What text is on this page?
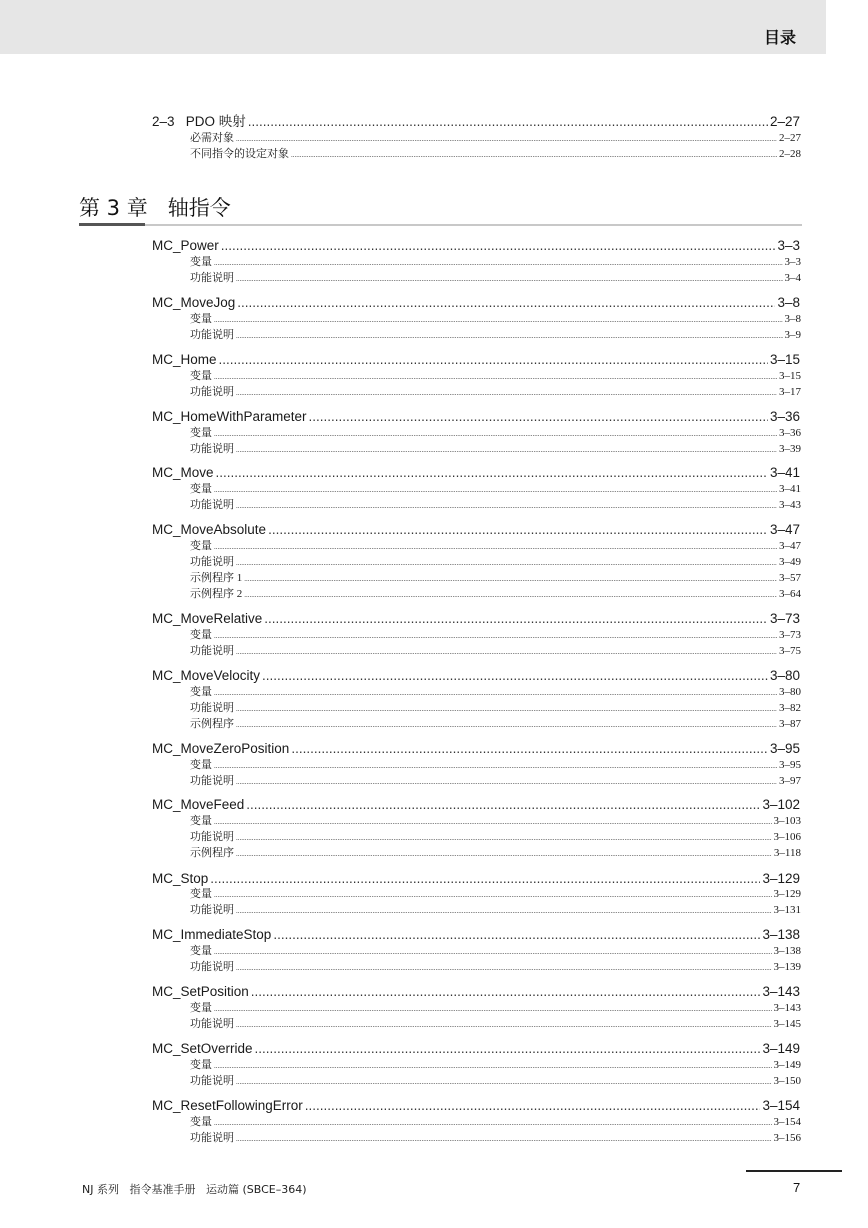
目录
2–3   PDO 映射 .....	2–27
必需对象 .....	2–27
不同指令的设定对象 .....	2–28
第 3 章   轴指令
MC_Power .....	3–3
变量 .....	3–3
功能说明 .....	3–4
MC_MoveJog .....	3–8
变量 .....	3–8
功能说明 .....	3–9
MC_Home .....	3–15
变量 .....	3–15
功能说明 .....	3–17
MC_HomeWithParameter .....	3–36
变量 .....	3–36
功能说明 .....	3–39
MC_Move .....	3–41
变量 .....	3–41
功能说明 .....	3–43
MC_MoveAbsolute .....	3–47
变量 .....	3–47
功能说明 .....	3–49
示例程序 1 .....	3–57
示例程序 2 .....	3–64
MC_MoveRelative .....	3–73
变量 .....	3–73
功能说明 .....	3–75
MC_MoveVelocity .....	3–80
变量 .....	3–80
功能说明 .....	3–82
示例程序 .....	3–87
MC_MoveZeroPosition .....	3–95
变量 .....	3–95
功能说明 .....	3–97
MC_MoveFeed .....	3–102
变量 .....	3–103
功能说明 .....	3–106
示例程序 .....	3–118
MC_Stop .....	3–129
变量 .....	3–129
功能说明 .....	3–131
MC_ImmediateStop .....	3–138
变量 .....	3–138
功能说明 .....	3–139
MC_SetPosition .....	3–143
变量 .....	3–143
功能说明 .....	3–145
MC_SetOverride .....	3–149
变量 .....	3–149
功能说明 .....	3–150
MC_ResetFollowingError .....	3–154
变量 .....	3–154
功能说明 .....	3–156
NJ 系列   指令基准手册   运动篇 (SBCE–364)	7
